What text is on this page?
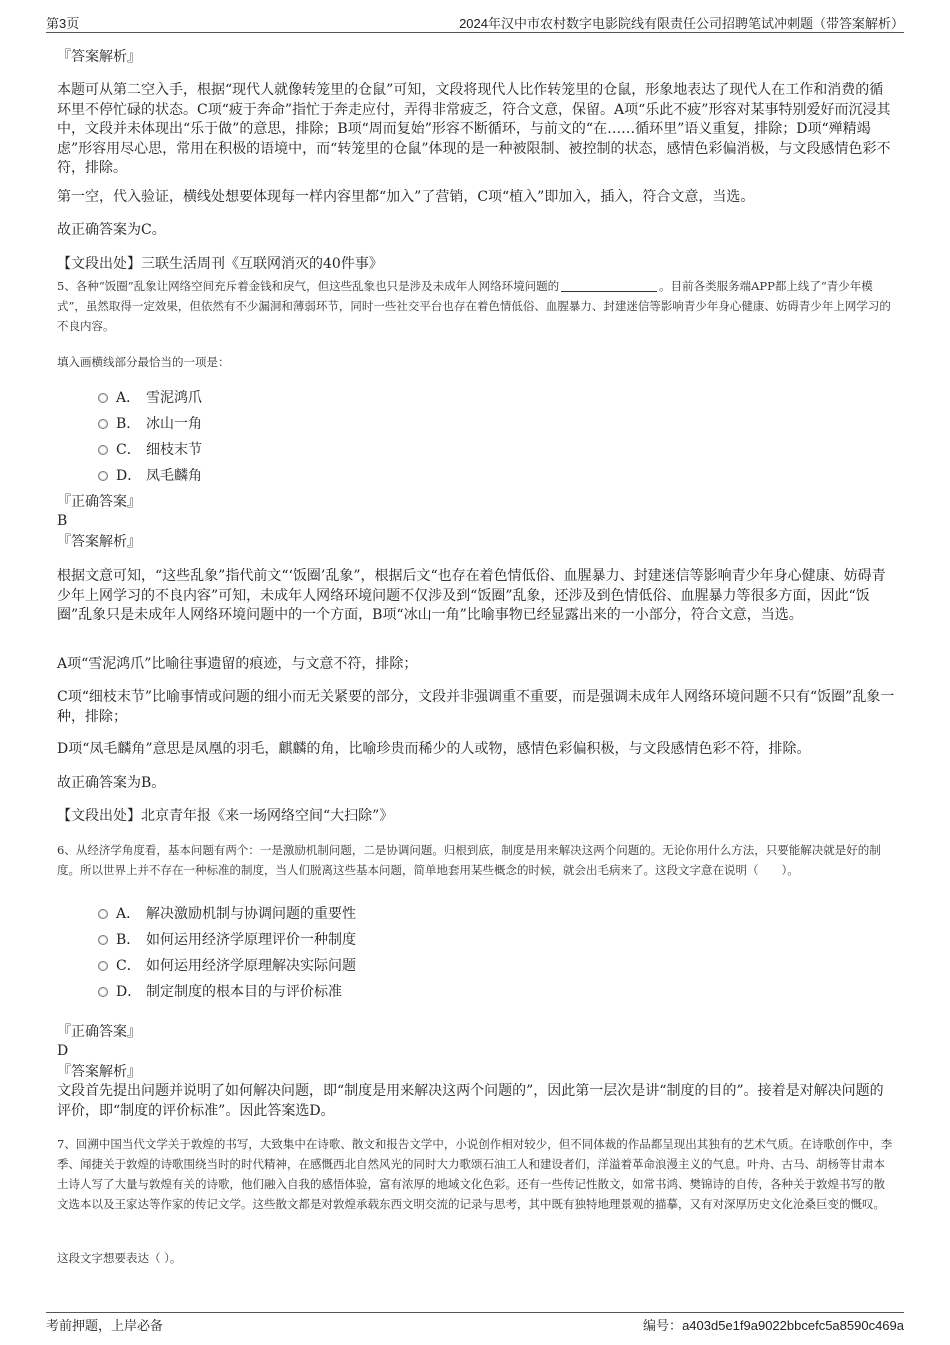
第3页	2024年汉中市农村数字电影院线有限责任公司招聘笔试冲刺题（带答案解析）
『答案解析』
本题可从第二空入手，根据“现代人就像转笼里的仓鼠”可知，文段将现代人比作转笼里的仓鼠，形象地表达了现代人在工作和消费的循环里不停忙碌的状态。C项“疲于奔命”指忙于奔走应付，弄得非常疲乏，符合文意，保留。A项“乐此不疲”形容对某事特别爱好而沉浸其中，文段并未体现出“乐于做”的意思，排除；B项“周而复始”形容不断循环，与前文的“在……循环里”语义重复，排除；D项“殚精竭虑”形容用尽心思，常用在积极的语境中，而“转笼里的仓鼠”体现的是一种被限制、被控制的状态，感情色彩偏消极，与文段感情色彩不符，排除。
第一空，代入验证，横线处想要体现每一样内容里都“加入”了营销，C项“植入”即加入，插入，符合文意，当选。
故正确答案为C。
【文段出处】三联生活周刊《互联网消灭的40件事》
5、各种“饭圈”乱象让网络空间充斥着金钱和戾气，但这些乱象也只是涉及未成年人网络环境问题的	。目前各类服务端APP都上线了“青少年模式”，虽然取得一定效果，但依然有不少漏洞和薄弱环节，同时一些社交平台也存在着色情低俗、血腥暴力、封建迷信等影响青少年身心健康、妨碍青少年上网学习的不良内容。
填入画横线部分最恰当的一项是：
A． 雪泥鸿爪
B． 冰山一角
C． 细枝末节
D． 凤毛麟角
『正确答案』
B
『答案解析』
根据文意可知，“这些乱象”指代前文“‘饭圈’乱象”，根据后文“也存在着色情低俗、血腥暴力、封建迷信等影响青少年身心健康、妨碍青少年上网学习的不良内容”可知，未成年人网络环境问题不仅涉及到“饭圈”乱象，还涉及到色情低俗、血腥暴力等很多方面，因此“饭圈”乱象只是未成年人网络环境问题中的一个方面，B项“冰山一角”比喻事物已经显露出来的一小部分，符合文意，当选。
A项“雪泥鸿爪”比喻往事遗留的痕迹，与文意不符，排除；
C项“细枝末节”比喻事情或问题的细小而无关紧要的部分，文段并非强调重不重要，而是强调未成年人网络环境问题不只有“饭圈”乱象一种，排除；
D项“凤毛麟角”意思是凤凰的羽毛，麒麟的角，比喻珍贵而稀少的人或物，感情色彩偏积极，与文段感情色彩不符，排除。
故正确答案为B。
【文段出处】北京青年报《来一场网络空间“大扫除”》
6、从经济学角度看，基本问题有两个：一是激励机制问题，二是协调问题。归根到底，制度是用来解决这两个问题的。无论你用什么方法，只要能解决就是好的制度。所以世界上并不存在一种标准的制度，当人们脱离这些基本问题，简单地套用某些概念的时候，就会出毛病来了。这段文字意在说明（　　）。
A． 解决激励机制与协调问题的重要性
B． 如何运用经济学原理评价一种制度
C． 如何运用经济学原理解决实际问题
D． 制定制度的根本目的与评价标准
『正确答案』
D
『答案解析』
文段首先提出问题并说明了如何解决问题，即“制度是用来解决这两个问题的”，因此第一层次是讲“制度的目的”。接着是对解决问题的评价，即“制度的评价标准”。因此答案选D。
7、回溯中国当代文学关于敦煌的书写，大致集中在诗歌、散文和报告文学中，小说创作相对较少，但不同体裁的作品都呈现出其独有的艺术气质。在诗歌创作中，李季、闻捷关于敦煌的诗歌围绕当时的时代精神，在感慨西北自然风光的同时大力歌颂石油工人和建设者们，洋溢着革命浪漫主义的气息。叶舟、古马、胡杨等甘肃本土诗人写了大量与敦煌有关的诗歌，他们融入自我的感悟体验，富有浓厚的地域文化色彩。还有一些传记性散文，如常书鸿、樊锦诗的自传，各种关于敦煌书写的散文选本以及王家达等作家的传记文学。这些散文都是对敦煌承载东西文明交流的记录与思考，其中既有独特地理景观的描摹，又有对深厚历史文化沧桑巨变的慨叹。
这段文字想要表达（ ）。
考前押题，上岸必备	编号：a403d5e1f9a9022bbcefc5a8590c469a
